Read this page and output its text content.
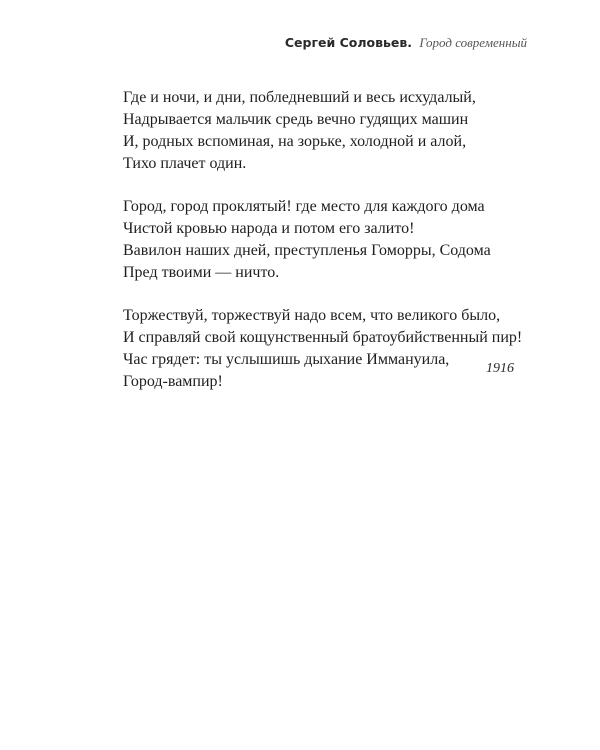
Сергей Соловьев. Город современный
Где и ночи, и дни, побледневший и весь исхудалый,
Надрывается мальчик средь вечно гудящих машин
И, родных вспоминая, на зорьке, холодной и алой,
Тихо плачет один.
Город, город проклятый! где место для каждого дома
Чистой кровью народа и потом его залито!
Вавилон наших дней, преступленья Гоморры, Содома
Пред твоими — ничто.
Торжествуй, торжествуй надо всем, что великого было,
И справляй свой кощунственный братоубийственный пир!
Час грядет: ты услышишь дыхание Иммануила,
Город-вампир!
1916
